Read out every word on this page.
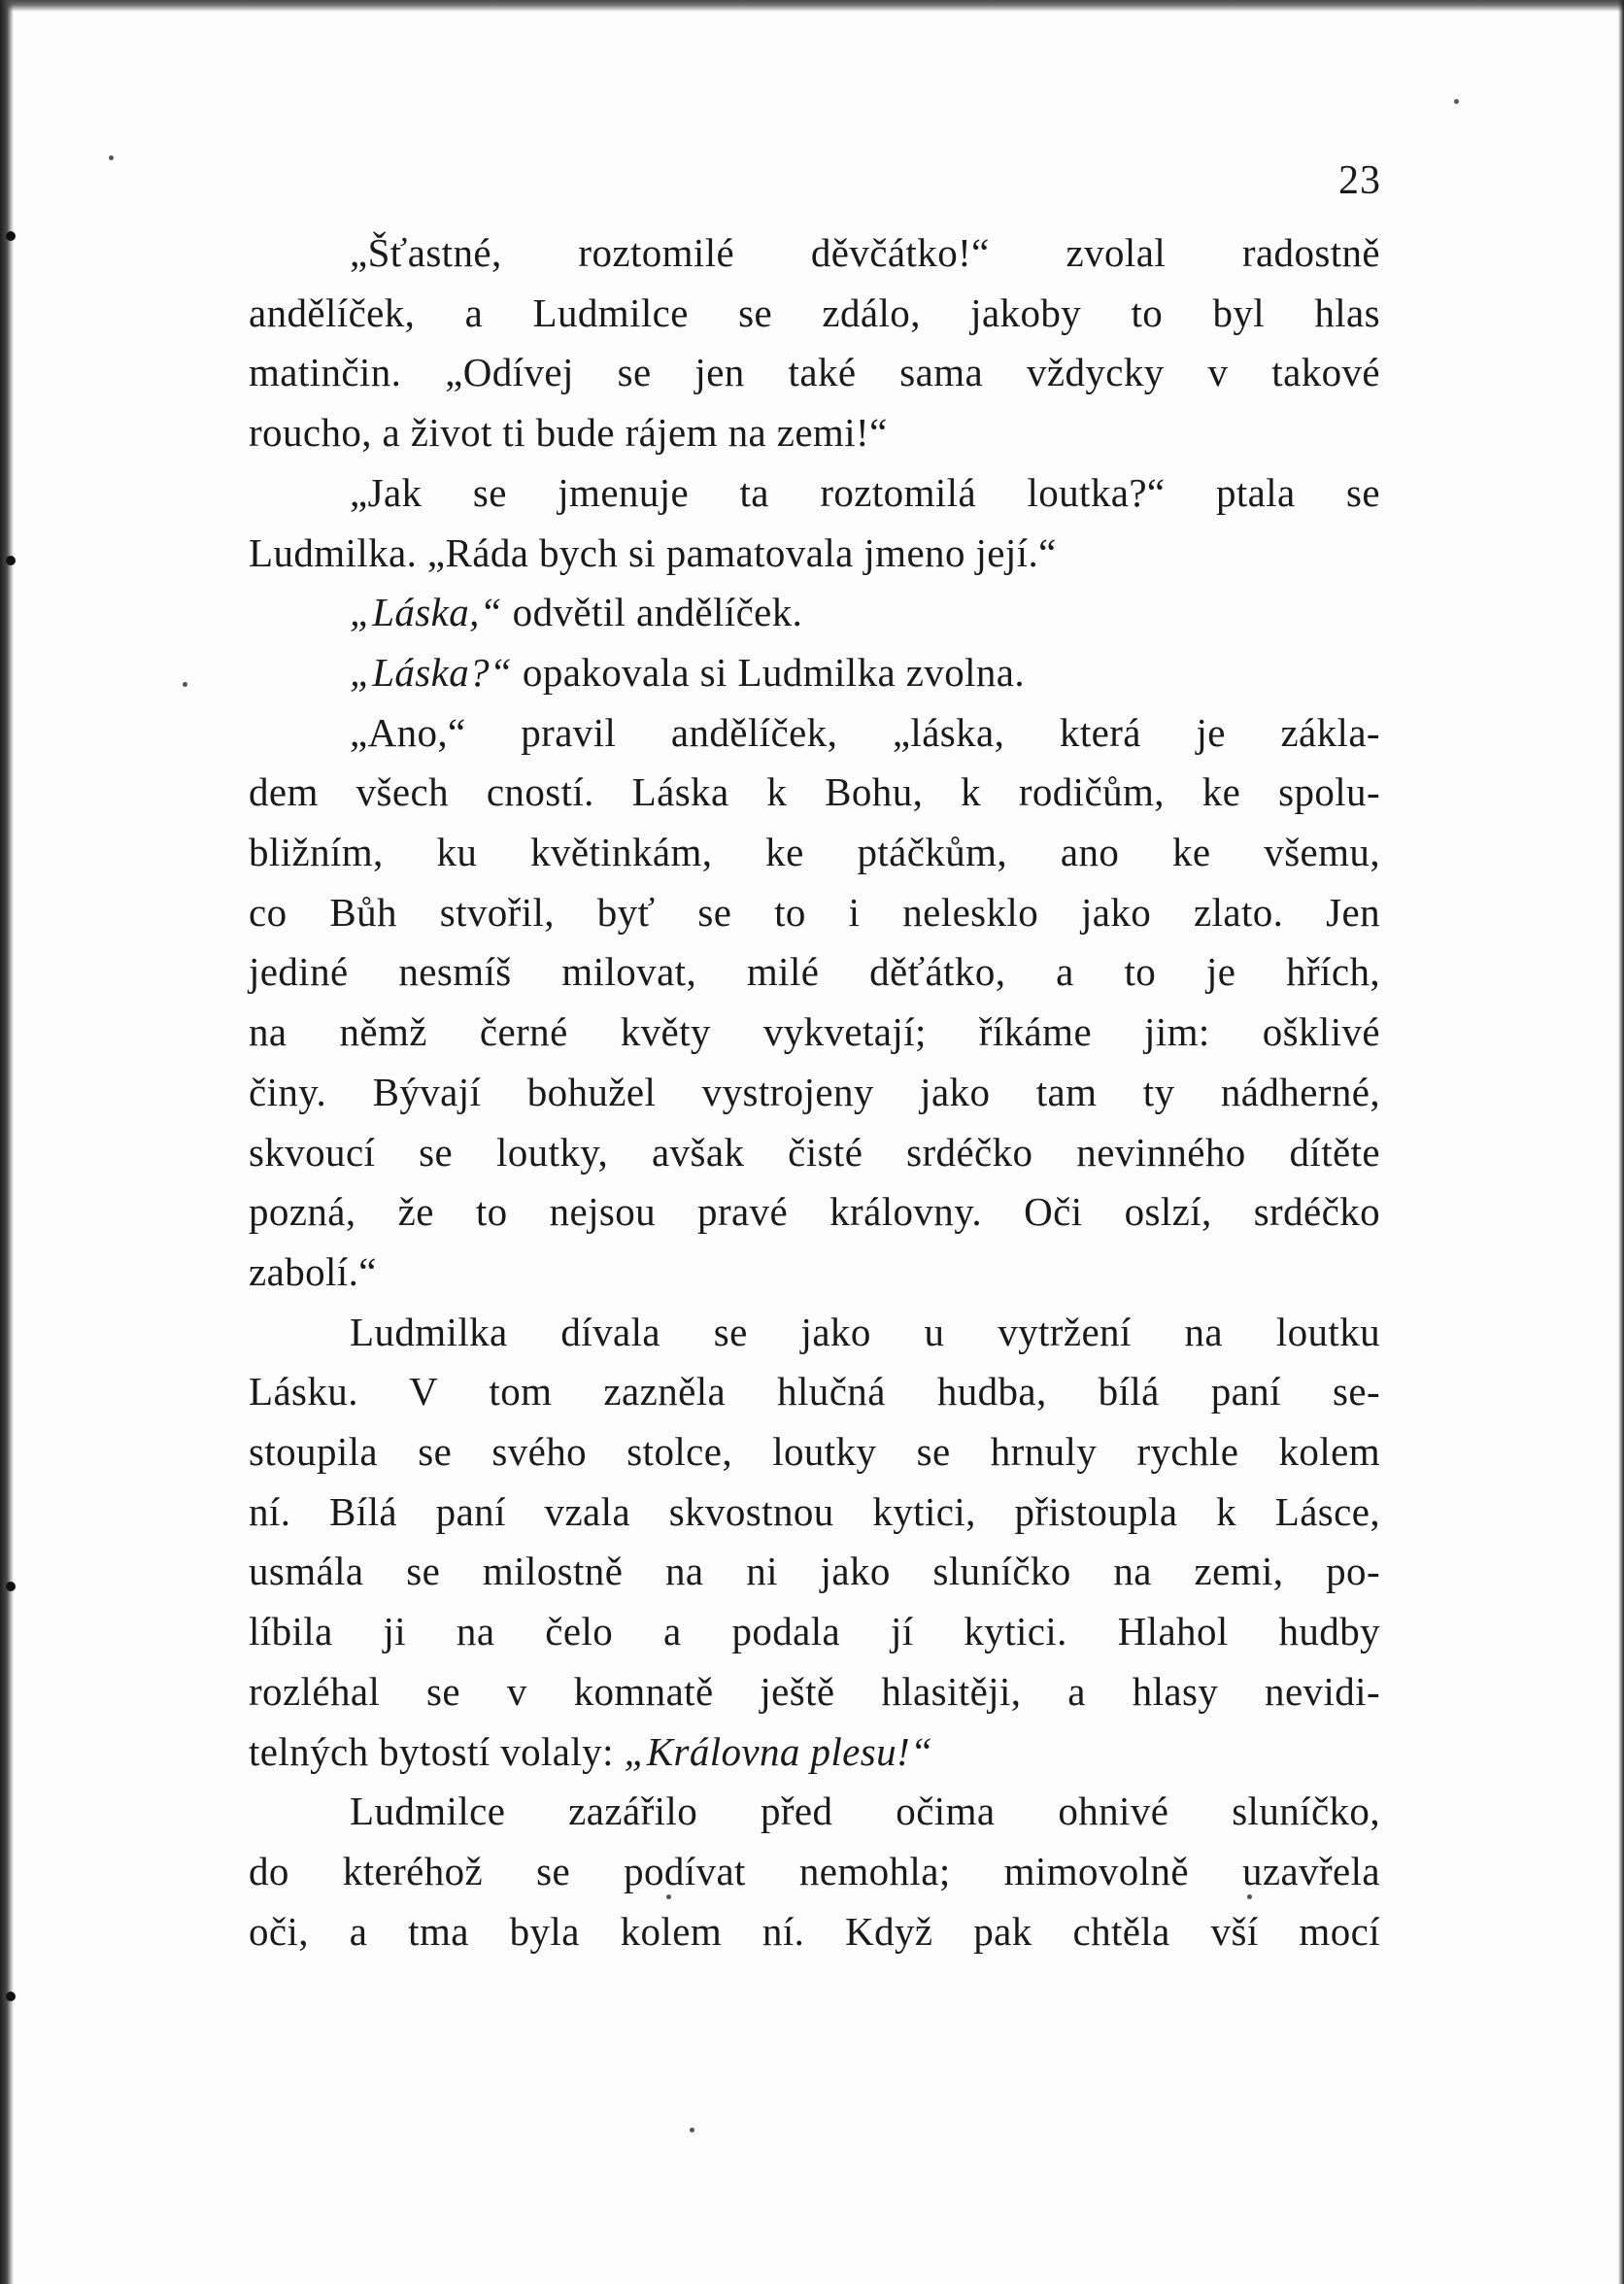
23
„Šťastné, roztomilé děvčátko!“ zvolal radostně
andělíček, a Ludmilce se zdálo, jakoby to byl hlas
matinčin. „Odívej se jen také sama vždycky v takové
roucho, a život ti bude rájem na zemi!“
„Jak se jmenuje ta roztomilá loutka?“ ptala se
Ludmilka. „Ráda bych si pamatovala jmeno její.“
„Láska,“ odvětil andělíček.
„Láska?“ opakovala si Ludmilka zvolna.
„Ano,“ pravil andělíček, „láska, která je zákla-
dem všech cností. Láska k Bohu, k rodičům, ke spolu-
bližním, ku květinkám, ke ptáčkům, ano ke všemu,
co Bůh stvořil, byť se to i nelesklo jako zlato. Jen
jediné nesmíš milovat, milé děťátko, a to je hřích,
na němž černé květy vykvetají; říkáme jim: ošklivé
činy. Bývají bohužel vystrojeny jako tam ty nádherné,
skvoucí se loutky, avšak čisté srdéčko nevinného dítěte
pozná, že to nejsou pravé královny. Oči oslzí, srdéčko
zabolí.“
Ludmilka dívala se jako u vytržení na loutku
Lásku. V tom zazněla hlučná hudba, bílá paní se-
stoupila se svého stolce, loutky se hrnuly rychle kolem
ní. Bílá paní vzala skvostnou kytici, přistoupla k Lásce,
usmála se milostně na ni jako sluníčko na zemi, po-
líbila ji na čelo a podala jí kytici. Hlahol hudby
rozléhal se v komnatě ještě hlasitěji, a hlasy nevidi-
telných bytostí volaly: „Královna plesu!“
Ludmilce zazářilo před očima ohnivé sluníčko,
do kteréhož se podívat nemohla; mimovolně uzavřela
oči, a tma byla kolem ní. Když pak chtěla vší mocí
